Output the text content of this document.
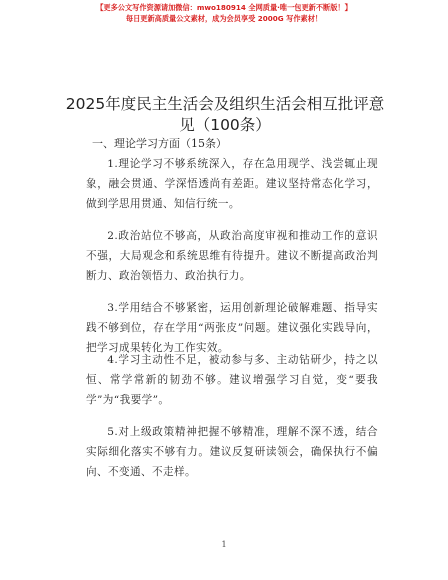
【更多公文写作资源请加微信：mwo180914 全网质量·唯一包更新不断版！】
每日更新高质量公文素材，成为会员享受 2000G 写作素材！
2025年度民主生活会及组织生活会相互批评意见（100条）
一、理论学习方面（15条）
1.理论学习不够系统深入，存在急用现学、浅尝辄止现象，融会贯通、学深悟透尚有差距。建议坚持常态化学习，做到学思用贯通、知信行统一。
2.政治站位不够高，从政治高度审视和推动工作的意识不强，大局观念和系统思维有待提升。建议不断提高政治判断力、政治领悟力、政治执行力。
3.学用结合不够紧密，运用创新理论破解难题、指导实践不够到位，存在学用“两张皮”问题。建议强化实践导向，把学习成果转化为工作实效。
4.学习主动性不足，被动参与多、主动钻研少，持之以恒、常学常新的韧劲不够。建议增强学习自觉，变“要我学”为“我要学”。
5.对上级政策精神把握不够精准，理解不深不透，结合实际细化落实不够有力。建议反复研读领会，确保执行不偏向、不变通、不走样。
1
